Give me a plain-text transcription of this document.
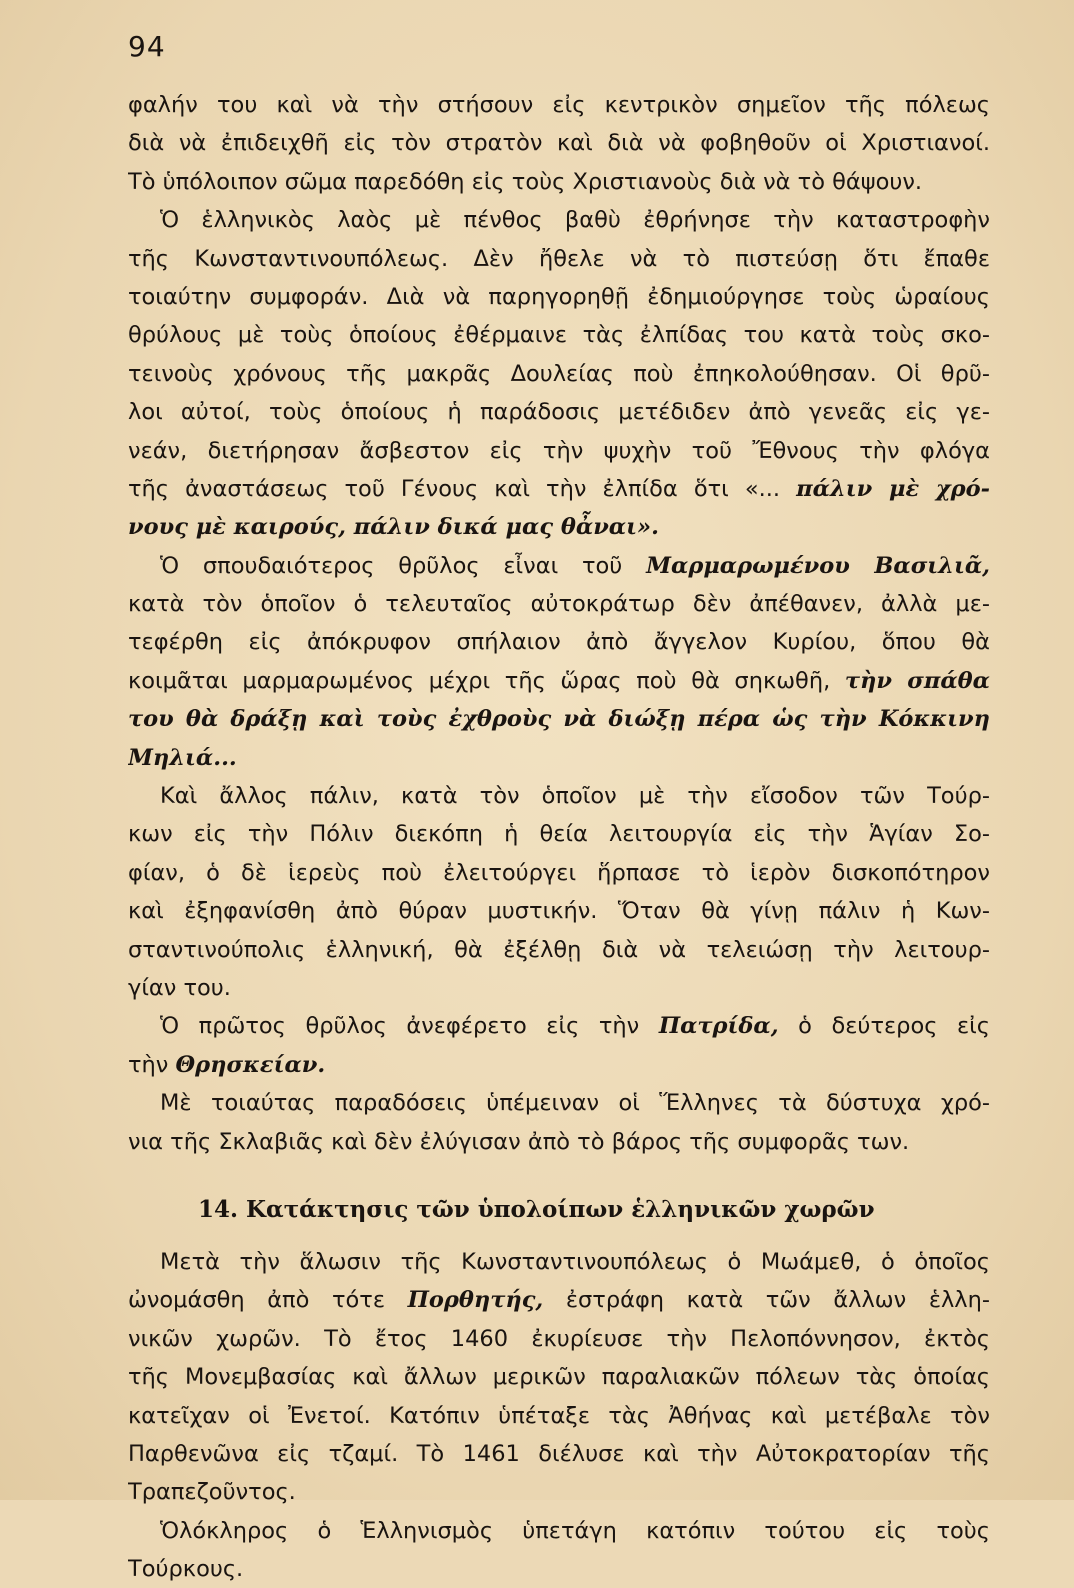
94
φαλήν του καὶ νὰ τὴν στήσουν εἰς κεντρικὸν σημεῖον τῆς πόλεως
διὰ νὰ ἐπιδειχθῆ εἰς τὸν στρατὸν καὶ διὰ νὰ φοβηθοῦν οἱ Χριστιανοί.
Τὸ ὑπόλοιπον σῶμα παρεδόθη εἰς τοὺς Χριστιανοὺς διὰ νὰ τὸ θάψουν.
Ὁ ἑλληνικὸς λαὸς μὲ πένθος βαθὺ ἐθρήνησε τὴν καταστροφὴν
τῆς Κωνσταντινουπόλεως. Δὲν ἤθελε νὰ τὸ πιστεύσῃ ὅτι ἔπαθε
τοιαύτην συμφοράν. Διὰ νὰ παρηγορηθῇ ἐδημιούργησε τοὺς ὡραίους
θρύλους μὲ τοὺς ὁποίους ἐθέρμαινε τὰς ἐλπίδας του κατὰ τοὺς σκο-
τεινοὺς χρόνους τῆς μακρᾶς Δουλείας ποὺ ἐπηκολούθησαν. Οἱ θρῦ-
λοι αὐτοί, τοὺς ὁποίους ἡ παράδοσις μετέδιδεν ἀπὸ γενεᾶς εἰς γε-
νεάν, διετήρησαν ἄσβεστον εἰς τὴν ψυχὴν τοῦ Ἔθνους τὴν φλόγα
τῆς ἀναστάσεως τοῦ Γένους καὶ τὴν ἐλπίδα ὅτι «... πάλιν μὲ χρό-
νους μὲ καιρούς, πάλιν δικά μας θἆναι».
Ὁ σπουδαιότερος θρῦλος εἶναι τοῦ Μαρμαρωμένου Βασιλιᾶ,
κατὰ τὸν ὁποῖον ὁ τελευταῖος αὐτοκράτωρ δὲν ἀπέθανεν, ἀλλὰ με-
τεφέρθη εἰς ἀπόκρυφον σπήλαιον ἀπὸ ἄγγελον Κυρίου, ὅπου θὰ
κοιμᾶται μαρμαρωμένος μέχρι τῆς ὥρας ποὺ θὰ σηκωθῆ, τὴν σπάθα
του θὰ δράξῃ καὶ τοὺς ἐχθροὺς νὰ διώξῃ πέρα ὡς τὴν Κόκκινη
Μηλιά...
Καὶ ἄλλος πάλιν, κατὰ τὸν ὁποῖον μὲ τὴν εἴσοδον τῶν Τούρ-
κων εἰς τὴν Πόλιν διεκόπη ἡ θεία λειτουργία εἰς τὴν Ἁγίαν Σο-
φίαν, ὁ δὲ ἱερεὺς ποὺ ἐλειτούργει ἥρπασε τὸ ἱερὸν δισκοπότηρον
καὶ ἐξηφανίσθη ἀπὸ θύραν μυστικήν. Ὅταν θὰ γίνῃ πάλιν ἡ Κων-
σταντινούπολις ἑλληνική, θὰ ἐξέλθῃ διὰ νὰ τελειώσῃ τὴν λειτουρ-
γίαν του.
Ὁ πρῶτος θρῦλος ἀνεφέρετο εἰς τὴν Πατρίδα, ὁ δεύτερος εἰς
τὴν Θρησκείαν.
Μὲ τοιαύτας παραδόσεις ὑπέμειναν οἱ Ἕλληνες τὰ δύστυχα χρό-
νια τῆς Σκλαβιᾶς καὶ δὲν ἐλύγισαν ἀπὸ τὸ βάρος τῆς συμφορᾶς των.
14. Κατάκτησις τῶν ὑπολοίπων ἑλληνικῶν χωρῶν
Μετὰ τὴν ἅλωσιν τῆς Κωνσταντινουπόλεως ὁ Μωάμεθ, ὁ ὁποῖος
ὠνομάσθη ἀπὸ τότε Πορθητής, ἐστράφη κατὰ τῶν ἄλλων ἑλλη-
νικῶν χωρῶν. Τὸ ἔτος 1460 ἐκυρίευσε τὴν Πελοπόννησον, ἐκτὸς
τῆς Μονεμβασίας καὶ ἄλλων μερικῶν παραλιακῶν πόλεων τὰς ὁποίας
κατεῖχαν οἱ Ἐνετοί. Κατόπιν ὑπέταξε τὰς Ἀθήνας καὶ μετέβαλε τὸν
Παρθενῶνα εἰς τζαμί. Τὸ 1461 διέλυσε καὶ τὴν Αὐτοκρατορίαν τῆς
Τραπεζοῦντος.
Ὁλόκληρος ὁ Ἑλληνισμὸς ὑπετάγη κατόπιν τούτου εἰς τοὺς
Τούρκους.
